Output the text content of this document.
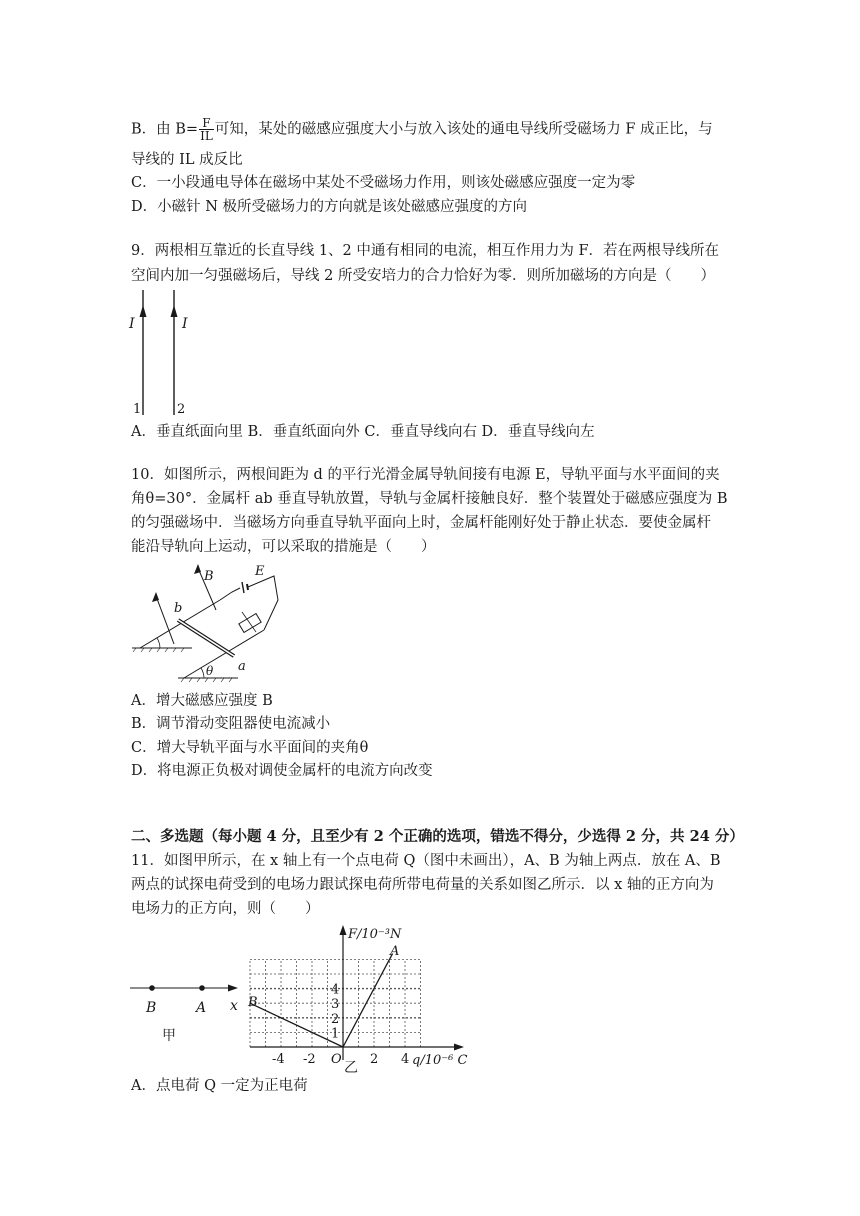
B．由 $B= \frac{F}{IL}$ 可知，某处的磁感应强度大小与放入该处的通电导线所受磁场力 F 成正比，与
导线的 IL 成反比
C．一小段通电导体在磁场中某处不受磁场力作用，则该处磁感应强度一定为零
D．小磁针 N 极所受磁场力的方向就是该处磁感应强度的方向
9．两根相互靠近的长直导线 1、2 中通有相同的电流，相互作用力为 F．若在两根导线所在
空间内加一匀强磁场后，导线 2 所受安培力的合力恰好为零．则所加磁场的方向是（　　）
I	I
1	2
A．垂直纸面向里 B．垂直纸面向外 C．垂直导线向右 D．垂直导线向左
10．如图所示，两根间距为 d 的平行光滑金属导轨间接有电源 E，导轨平面与水平面间的夹
角θ=30°．金属杆 ab 垂直导轨放置，导轨与金属杆接触良好．整个装置处于磁感应强度为 B
的匀强磁场中．当磁场方向垂直导轨平面向上时，金属杆能刚好处于静止状态．要使金属杆
能沿导轨向上运动，可以采取的措施是（　　）
B	E
b
a
θ
A．增大磁感应强度 B
B．调节滑动变阻器使电流减小
C．增大导轨平面与水平面间的夹角θ
D．将电源正负极对调使金属杆的电流方向改变
二、多选题（每小题 4 分，且至少有 2 个正确的选项，错选不得分，少选得 2 分，共 24 分）
11．如图甲所示，在 x 轴上有一个点电荷 Q（图中未画出），A、B 为轴上两点．放在 A、B
两点的试探电荷受到的电场力跟试探电荷所带电荷量的关系如图乙所示．以 x 轴的正方向为
电场力的正方向，则（　　）
B	A x
甲
-4 -2	2 4
1
2
3
4
F/10⁻³N
q/10⁻⁶ C
O
A
B
乙
A．点电荷 Q 一定为正电荷
